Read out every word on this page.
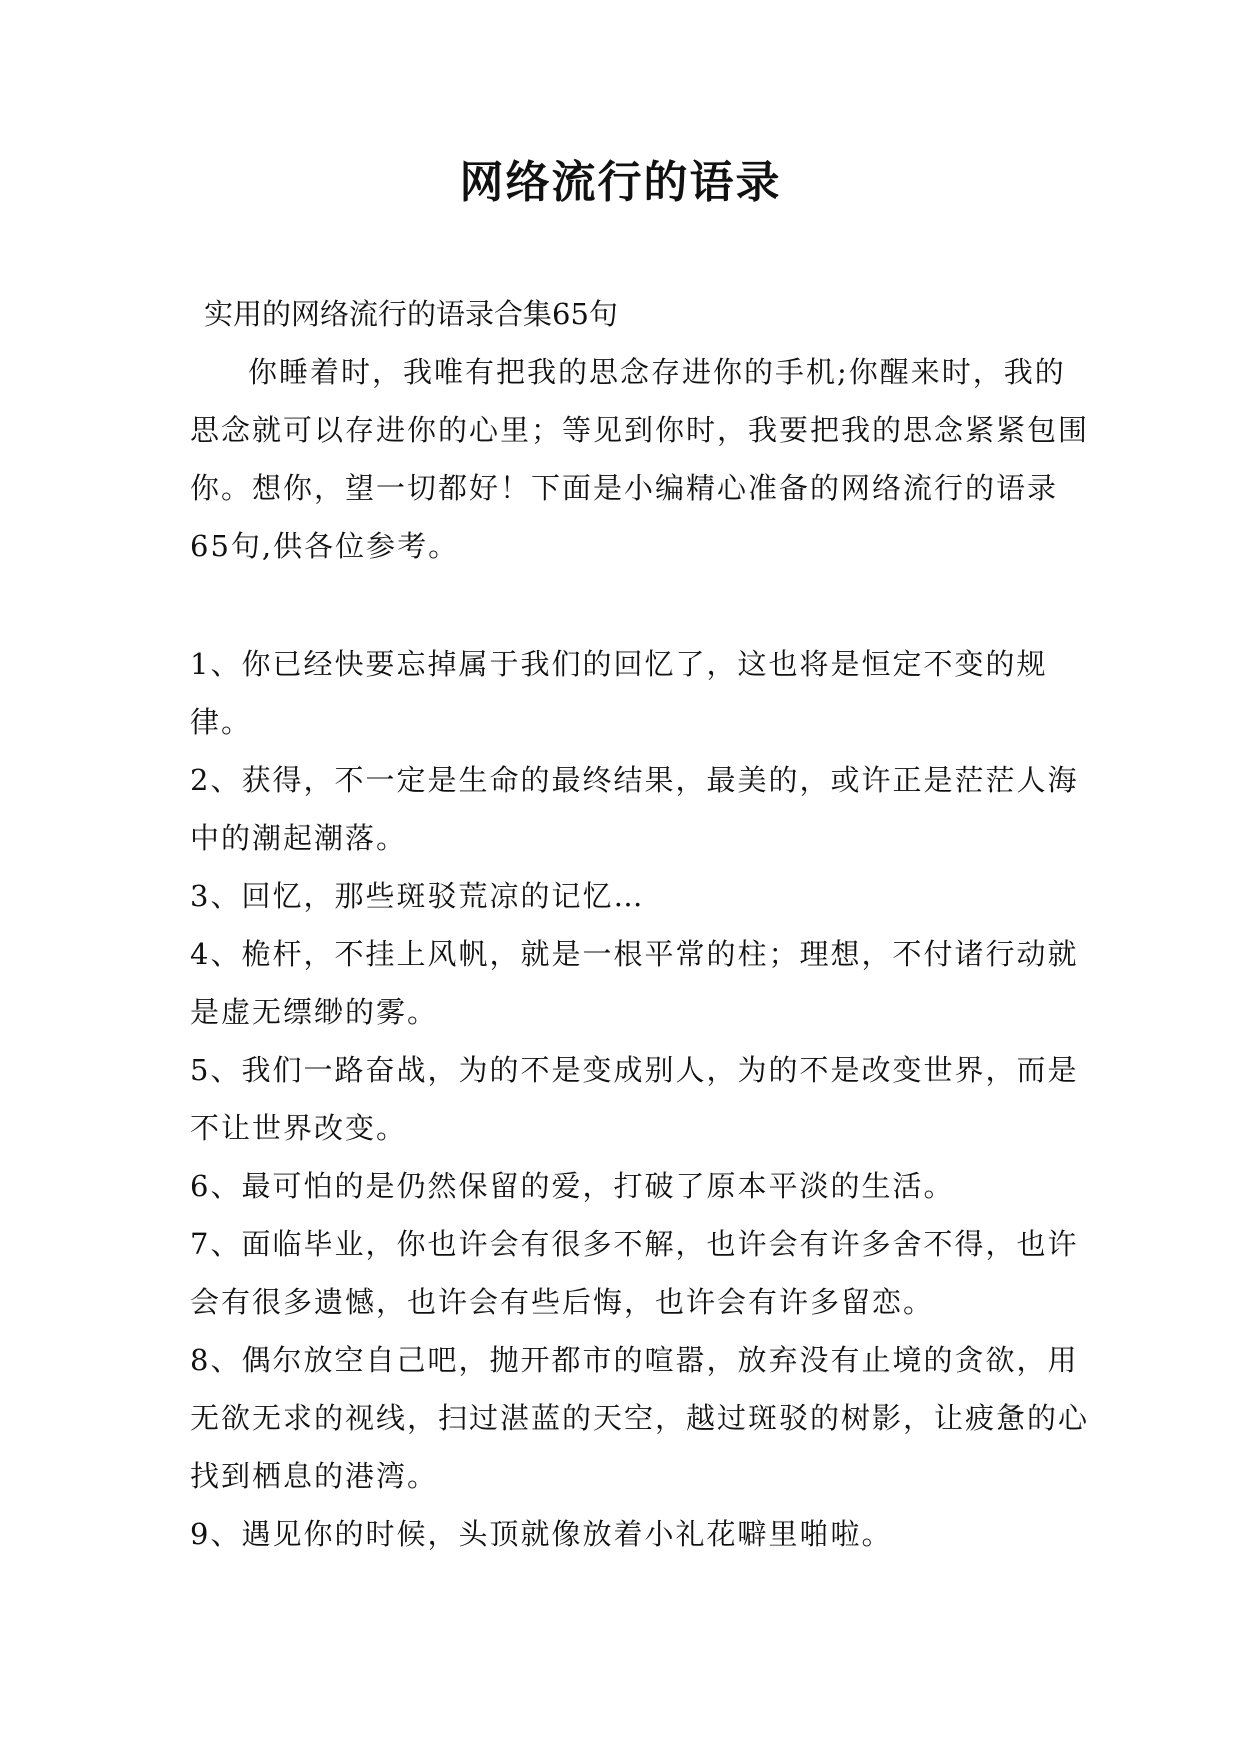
网络流行的语录

实用的网络流行的语录合集65句

你睡着时，我唯有把我的思念存进你的手机;你醒来时，我的思念就可以存进你的心里；等见到你时，我要把我的思念紧紧包围你。想你，望一切都好！下面是小编精心准备的网络流行的语录65句,供各位参考。

1、你已经快要忘掉属于我们的回忆了，这也将是恒定不变的规律。

2、获得，不一定是生命的最终结果，最美的，或许正是茫茫人海中的潮起潮落。

3、回忆，那些斑驳荒凉的记忆…

4、桅杆，不挂上风帆，就是一根平常的柱；理想，不付诸行动就是虚无缥缈的雾。

5、我们一路奋战，为的不是变成别人，为的不是改变世界，而是不让世界改变。

6、最可怕的是仍然保留的爱，打破了原本平淡的生活。

7、面临毕业，你也许会有很多不解，也许会有许多舍不得，也许会有很多遗憾，也许会有些后悔，也许会有许多留恋。

8、偶尔放空自己吧，抛开都市的喧嚣，放弃没有止境的贪欲，用无欲无求的视线，扫过湛蓝的天空，越过斑驳的树影，让疲惫的心找到栖息的港湾。

9、遇见你的时候，头顶就像放着小礼花噼里啪啦。
